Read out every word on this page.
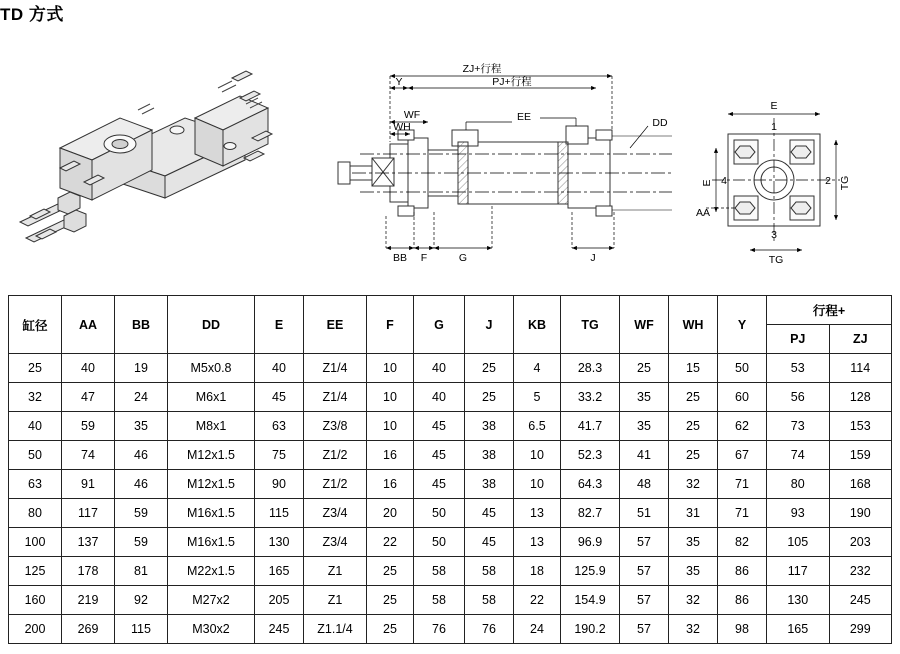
TD 方式
ZJ+行程
PJ+行程
Y
WF
WH
EE	DD
BB F	G	J
E
E
AA
TG
TG
1
2
3
4
缸径	AA	BB	DD	E	EE	F	G	J	KB	TG	WF	WH	Y	行程+	
														PJ	ZJ
25	40	19	M5x0.8	40	Z1/4	10	40	25	4	28.3	25	15	50	53	114
32	47	24	M6x1	45	Z1/4	10	40	25	5	33.2	35	25	60	56	128
40	59	35	M8x1	63	Z3/8	10	45	38	6.5	41.7	35	25	62	73	153
50	74	46	M12x1.5	75	Z1/2	16	45	38	10	52.3	41	25	67	74	159
63	91	46	M12x1.5	90	Z1/2	16	45	38	10	64.3	48	32	71	80	168
80	117	59	M16x1.5	115	Z3/4	20	50	45	13	82.7	51	31	71	93	190
100	137	59	M16x1.5	130	Z3/4	22	50	45	13	96.9	57	35	82	105	203
125	178	81	M22x1.5	165	Z1	25	58	58	18	125.9	57	35	86	117	232
160	219	92	M27x2	205	Z1	25	58	58	22	154.9	57	32	86	130	245
200	269	115	M30x2	245	Z1.1/4	25	76	76	24	190.2	57	32	98	165	299
